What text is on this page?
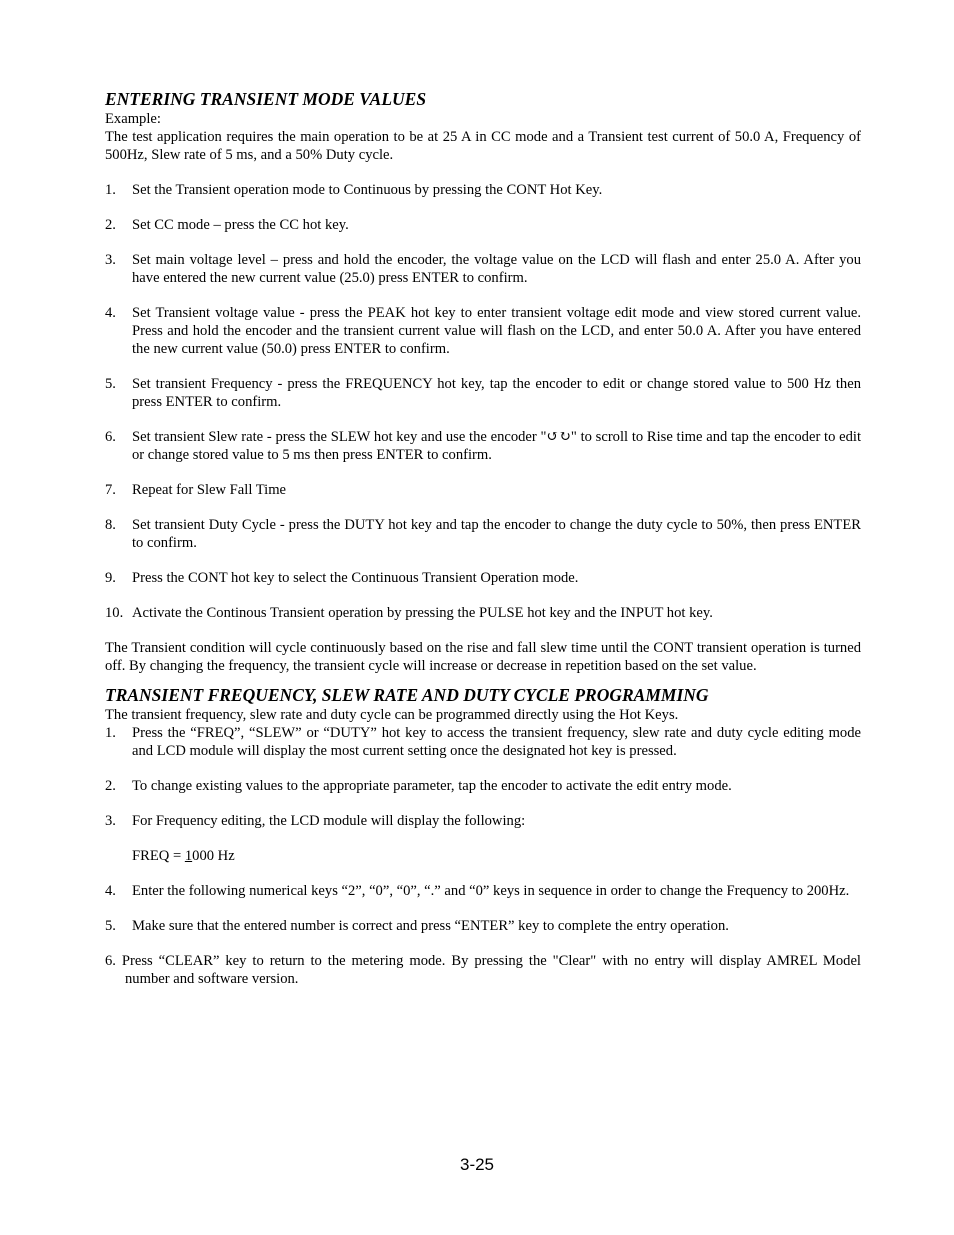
ENTERING TRANSIENT MODE VALUES

Example:

The test application requires the main operation to be at 25 A in CC mode and a Transient test current of 50.0 A, Frequency of 500Hz, Slew rate of 5 ms, and a 50% Duty cycle.

1. Set the Transient operation mode to Continuous by pressing the CONT Hot Key.
2. Set CC mode – press the CC hot key.
3. Set main voltage level – press and hold the encoder, the voltage value on the LCD will flash and enter 25.0 A. After you have entered the new current value (25.0) press ENTER to confirm.
4. Set Transient voltage value - press the PEAK hot key to enter transient voltage edit mode and view stored current value. Press and hold the encoder and the transient current value will flash on the LCD, and enter 50.0 A. After you have entered the new current value (50.0) press ENTER to confirm.
5. Set transient Frequency - press the FREQUENCY hot key, tap the encoder to edit or change stored value to 500 Hz then press ENTER to confirm.
6. Set transient Slew rate - press the SLEW hot key and use the encoder "↺↻" to scroll to Rise time and tap the encoder to edit or change stored value to 5 ms then press ENTER to confirm.
7. Repeat for Slew Fall Time
8. Set transient Duty Cycle - press the DUTY hot key and tap the encoder to change the duty cycle to 50%, then press ENTER to confirm.
9. Press the CONT hot key to select the Continuous Transient Operation mode.
10. Activate the Continous Transient operation by pressing the PULSE hot key and the INPUT hot key.

The Transient condition will cycle continuously based on the rise and fall slew time until the CONT transient operation is turned off. By changing the frequency, the transient cycle will increase or decrease in repetition based on the set value.

TRANSIENT FREQUENCY, SLEW RATE AND DUTY CYCLE PROGRAMMING

The transient frequency, slew rate and duty cycle can be programmed directly using the Hot Keys.

1. Press the “FREQ”, “SLEW” or “DUTY” hot key to access the transient frequency, slew rate and duty cycle editing mode and LCD module will display the most current setting once the designated hot key is pressed.
2. To change existing values to the appropriate parameter, tap the encoder to activate the edit entry mode.
3. For Frequency editing, the LCD module will display the following:
FREQ = 1000 Hz
4. Enter the following numerical keys “2”, “0”, “0”, “.” and “0” keys in sequence in order to change the Frequency to 200Hz.
5. Make sure that the entered number is correct and press “ENTER” key to complete the entry operation.
6. Press “CLEAR” key to return to the metering mode. By pressing the "Clear" with no entry will display AMREL Model number and software version.
3-25
